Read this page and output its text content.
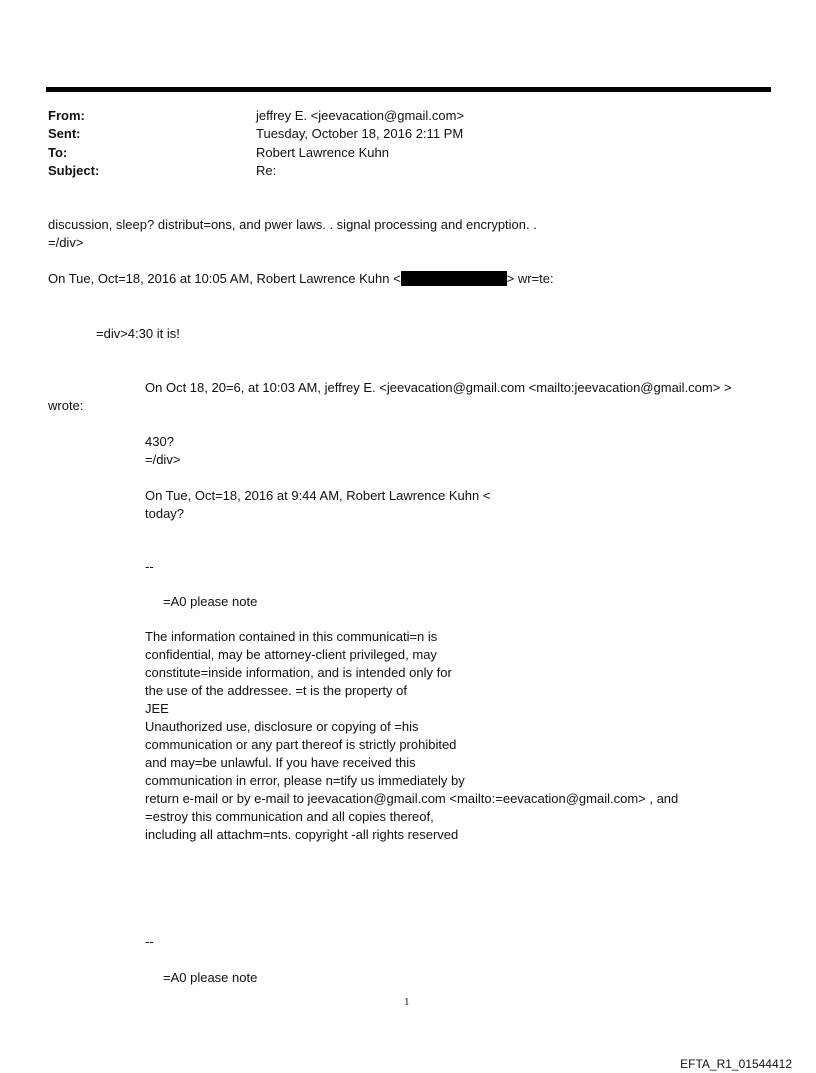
From:	jeffrey E. <jeevacation@gmail.com>
Sent:	Tuesday, October 18, 2016 2:11 PM
To:	Robert Lawrence Kuhn
Subject:	Re:
discussion, sleep? distribut=ons, and pwer laws. . signal processing and encryption. .
=/div>
On Tue, Oct=18, 2016 at 10:05 AM, Robert Lawrence Kuhn <	> wr=te:
=div>4:30 it is!
On Oct 18, 20=6, at 10:03 AM, jeffrey E. <jeevacation@gmail.com <mailto:jeevacation@gmail.com> >
wrote:
430?
=/div>
On Tue, Oct=18, 2016 at 9:44 AM, Robert Lawrence Kuhn <
today?
--
=A0 please note
The information contained in this communicati=n is
confidential, may be attorney-client privileged, may
constitute=inside information, and is intended only for
the use of the addressee. =t is the property of
JEE
Unauthorized use, disclosure or copying of =his
communication or any part thereof is strictly prohibited
and may=be unlawful. If you have received this
communication in error, please n=tify us immediately by
return e-mail or by e-mail to jeevacation@gmail.com <mailto:=eevacation@gmail.com> , and
=estroy this communication and all copies thereof,
including all attachm=nts. copyright -all rights reserved
--
=A0 please note
1
EFTA_R1_01544412
